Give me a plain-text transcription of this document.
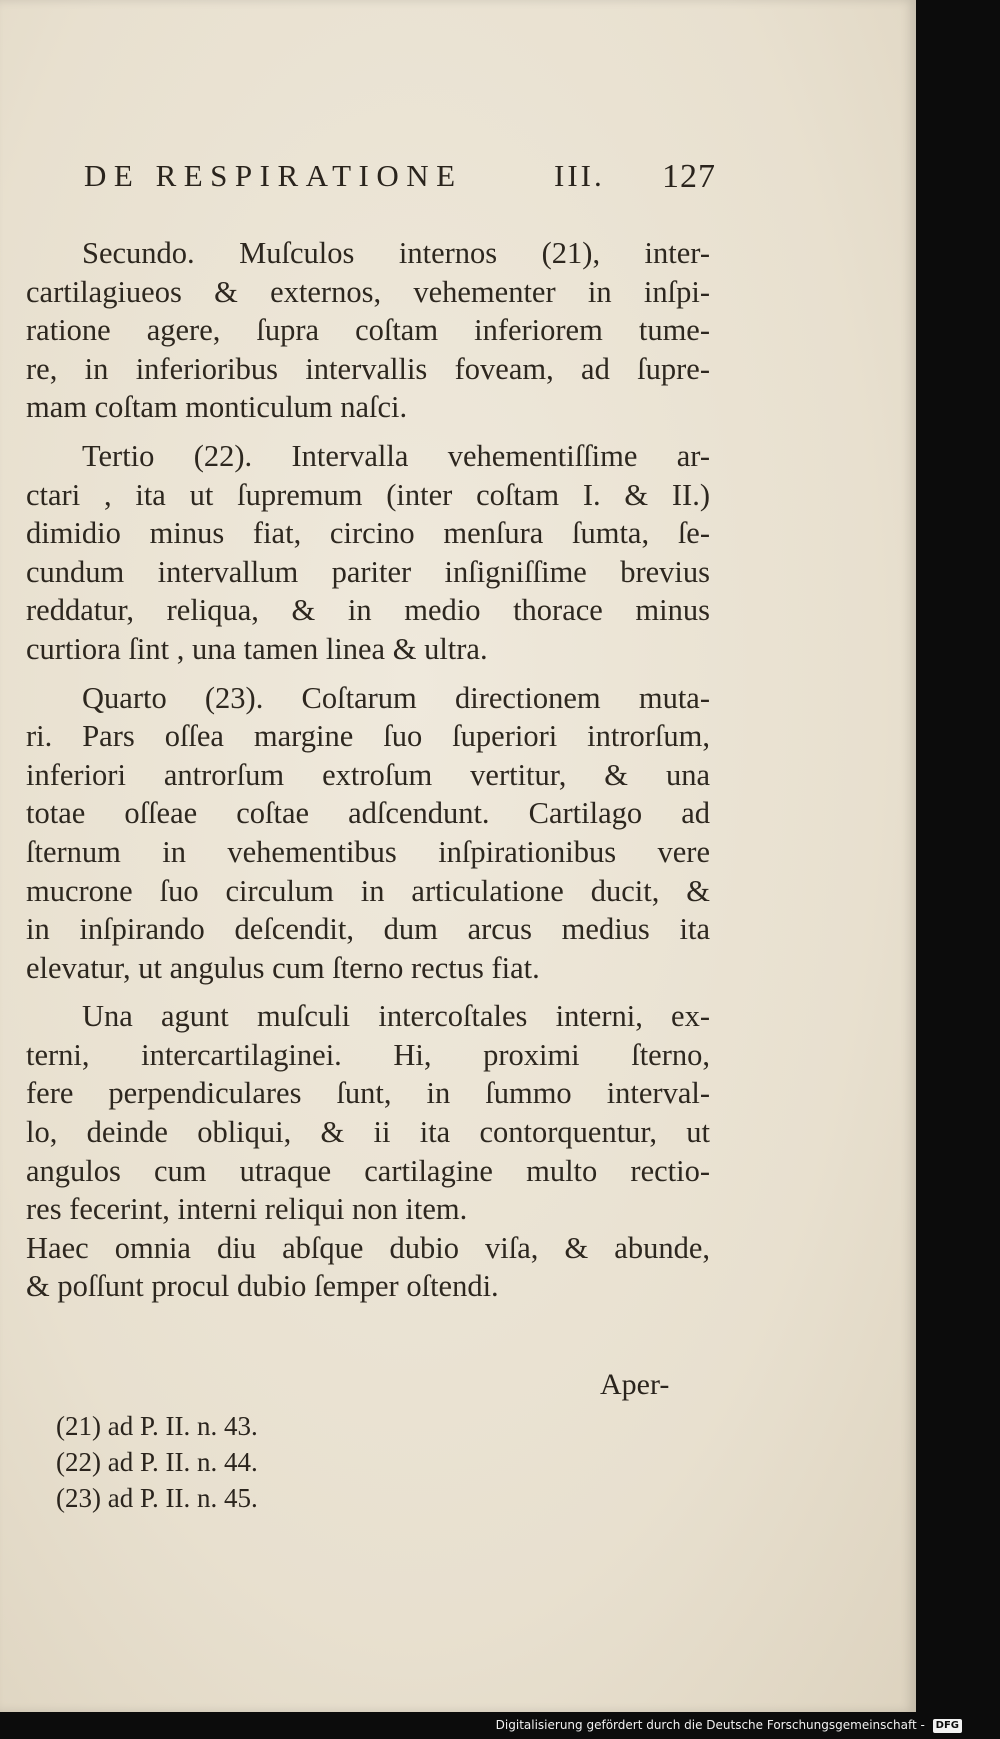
DE RESPIRATIONE	III. 127
Secundo. Muſculos internos (21), inter-
cartilagiueos & externos, vehementer in inſpi-
ratione agere, ſupra coſtam inferiorem tume-
re, in inferioribus intervallis foveam, ad ſupre-
mam coſtam monticulum naſci.
Tertio (22). Intervalla vehementiſſime ar-
ctari , ita ut ſupremum (inter coſtam I. & II.)
dimidio minus fiat, circino menſura ſumta, ſe-
cundum intervallum pariter inſigniſſime brevius
reddatur, reliqua, & in medio thorace minus
curtiora ſint , una tamen linea & ultra.
Quarto (23). Coſtarum directionem muta-
ri. Pars oſſea margine ſuo ſuperiori introrſum,
inferiori antrorſum extroſum vertitur, & una
totae oſſeae coſtae adſcendunt. Cartilago ad
ſternum in vehementibus inſpirationibus vere
mucrone ſuo circulum in articulatione ducit, &
in inſpirando deſcendit, dum arcus medius ita
elevatur, ut angulus cum ſterno rectus fiat.
Una agunt muſculi intercoſtales interni, ex-
terni, intercartilaginei. Hi, proximi ſterno,
fere perpendiculares ſunt, in ſummo interval-
lo, deinde obliqui, & ii ita contorquentur, ut
angulos cum utraque cartilagine multo rectio-
res fecerint, interni reliqui non item.
Haec omnia diu abſque dubio viſa, & abunde,
& poſſunt procul dubio ſemper oſtendi.
Aper-
(21) ad P. II. n. 43.
(22) ad P. II. n. 44.
(23) ad P. II. n. 45.
Digitalisierung gefördert durch die Deutsche Forschungsgemeinschaft - DFG
